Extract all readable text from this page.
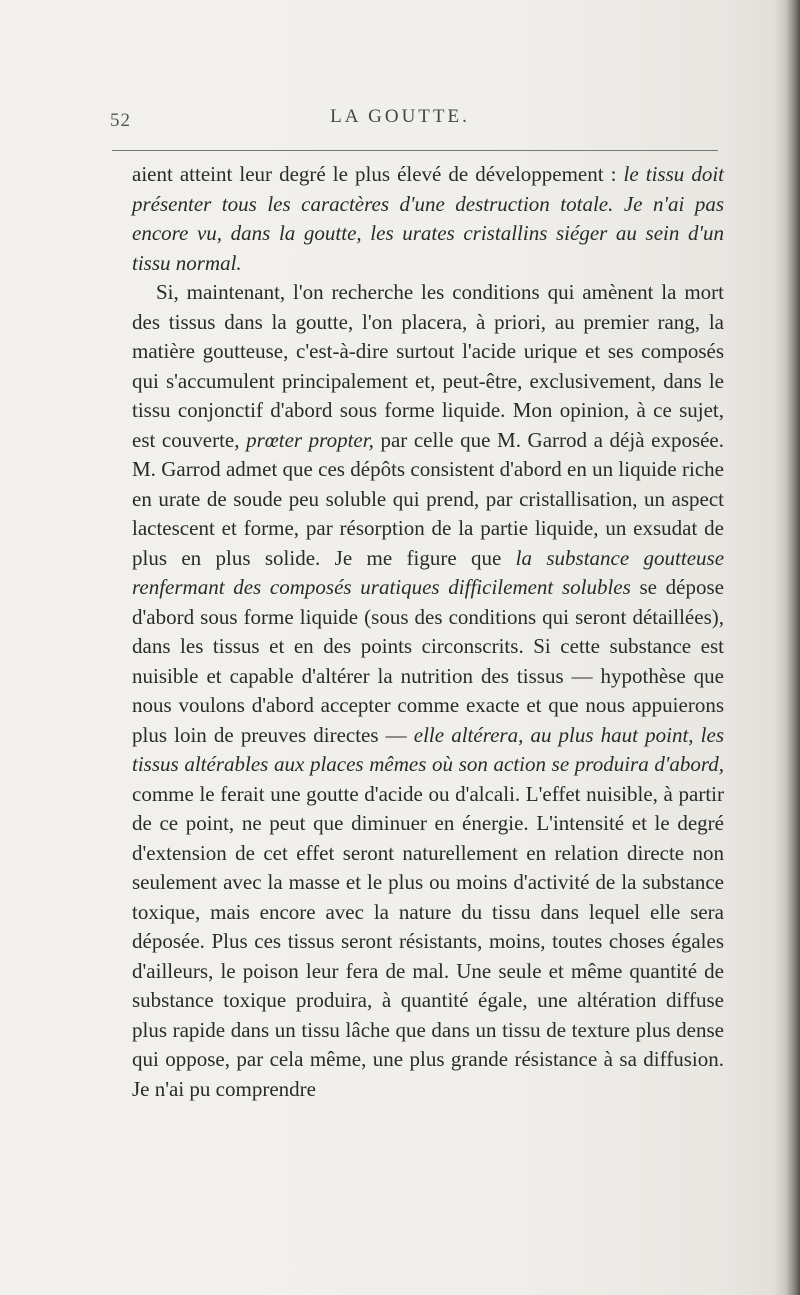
52	LA GOUTTE.

aient atteint leur degré le plus élevé de développement : le tissu doit présenter tous les caractères d'une destruction totale. Je n'ai pas encore vu, dans la goutte, les urates cristallins siéger au sein d'un tissu normal.

Si, maintenant, l'on recherche les conditions qui amènent la mort des tissus dans la goutte, l'on placera, à priori, au premier rang, la matière goutteuse, c'est-à-dire surtout l'acide urique et ses composés qui s'accumulent principalement et, peut-être, exclusivement, dans le tissu conjonctif d'abord sous forme liquide. Mon opinion, à ce sujet, est couverte, prœter propter, par celle que M. Garrod a déjà exposée. M. Garrod admet que ces dépôts consistent d'abord en un liquide riche en urate de soude peu soluble qui prend, par cristallisation, un aspect lactescent et forme, par résorption de la partie liquide, un exsudat de plus en plus solide. Je me figure que la substance goutteuse renfermant des composés uratiques difficilement solubles se dépose d'abord sous forme liquide (sous des conditions qui seront détaillées), dans les tissus et en des points circonscrits. Si cette substance est nuisible et capable d'altérer la nutrition des tissus — hypothèse que nous voulons d'abord accepter comme exacte et que nous appuierons plus loin de preuves directes — elle altérera, au plus haut point, les tissus altérables aux places mêmes où son action se produira d'abord, comme le ferait une goutte d'acide ou d'alcali. L'effet nuisible, à partir de ce point, ne peut que diminuer en énergie. L'intensité et le degré d'extension de cet effet seront naturellement en relation directe non seulement avec la masse et le plus ou moins d'activité de la substance toxique, mais encore avec la nature du tissu dans lequel elle sera déposée. Plus ces tissus seront résistants, moins, toutes choses égales d'ailleurs, le poison leur fera de mal. Une seule et même quantité de substance toxique produira, à quantité égale, une altération diffuse plus rapide dans un tissu lâche que dans un tissu de texture plus dense qui oppose, par cela même, une plus grande résistance à sa diffusion. Je n'ai pu comprendre
